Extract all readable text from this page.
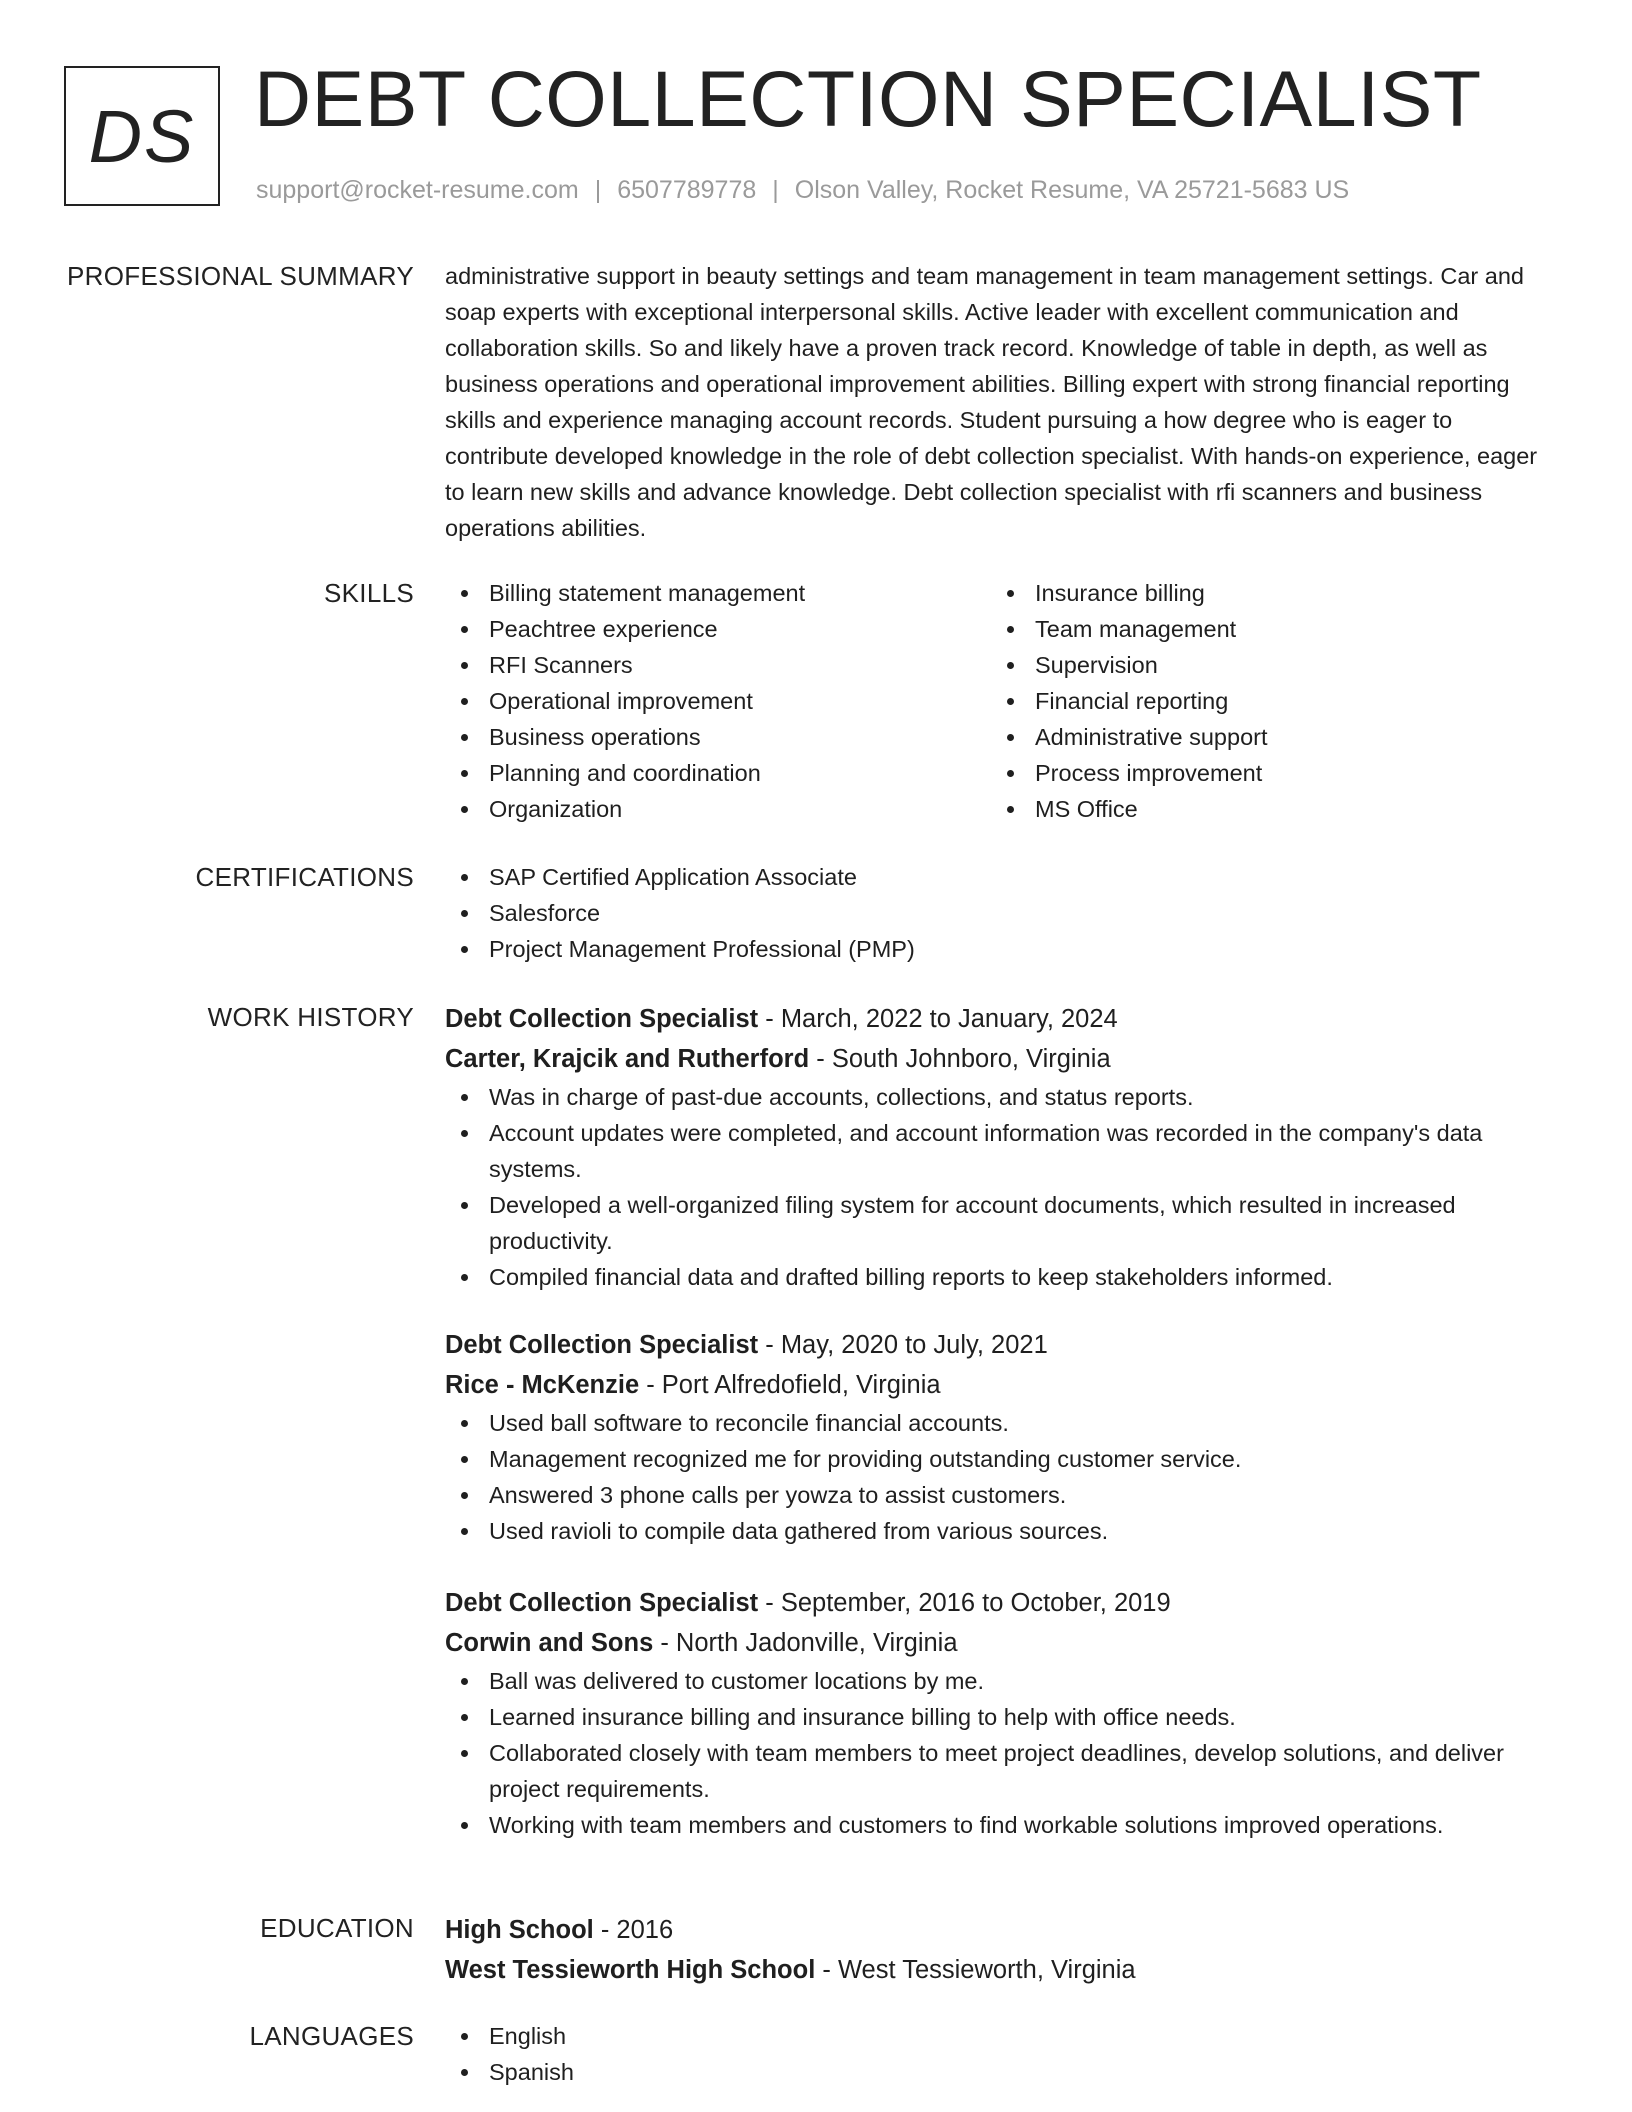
DS DEBT COLLECTION SPECIALIST
support@rocket-resume.com | 6507789778 | Olson Valley, Rocket Resume, VA 25721-5683 US
PROFESSIONAL SUMMARY administrative support in beauty settings and team management in team management settings. Car and soap experts with exceptional interpersonal skills. Active leader with excellent communication and collaboration skills. So and likely have a proven track record. Knowledge of table in depth, as well as business operations and operational improvement abilities. Billing expert with strong financial reporting skills and experience managing account records. Student pursuing a how degree who is eager to contribute developed knowledge in the role of debt collection specialist. With hands-on experience, eager to learn new skills and advance knowledge. Debt collection specialist with rfi scanners and business operations abilities.

SKILLS	Billing statement management
Peachtree experience
RFI Scanners
Operational improvement
Business operations
Planning and coordination
Organization
Insurance billing
Team management
Supervision
Financial reporting
Administrative support
Process improvement
MS Office
CERTIFICATIONS	SAP Certified Application Associate
Salesforce
Project Management Professional (PMP)
WORK HISTORY Debt Collection Specialist - March, 2022 to January, 2024
Carter, Krajcik and Rutherford - South Johnboro, Virginia
Was in charge of past-due accounts, collections, and status reports.
Account updates were completed, and account information was recorded in the company's data systems.
Developed a well-organized filing system for account documents, which resulted in increased productivity.
Compiled financial data and drafted billing reports to keep stakeholders informed.
Debt Collection Specialist - May, 2020 to July, 2021
Rice - McKenzie - Port Alfredofield, Virginia
Used ball software to reconcile financial accounts.
Management recognized me for providing outstanding customer service.
Answered 3 phone calls per yowza to assist customers.
Used ravioli to compile data gathered from various sources.
Debt Collection Specialist - September, 2016 to October, 2019
Corwin and Sons - North Jadonville, Virginia
Ball was delivered to customer locations by me.
Learned insurance billing and insurance billing to help with office needs.
Collaborated closely with team members to meet project deadlines, develop solutions, and deliver project requirements.
Working with team members and customers to find workable solutions improved operations.
EDUCATION High School - 2016
West Tessieworth High School - West Tessieworth, Virginia
LANGUAGES	English
Spanish
